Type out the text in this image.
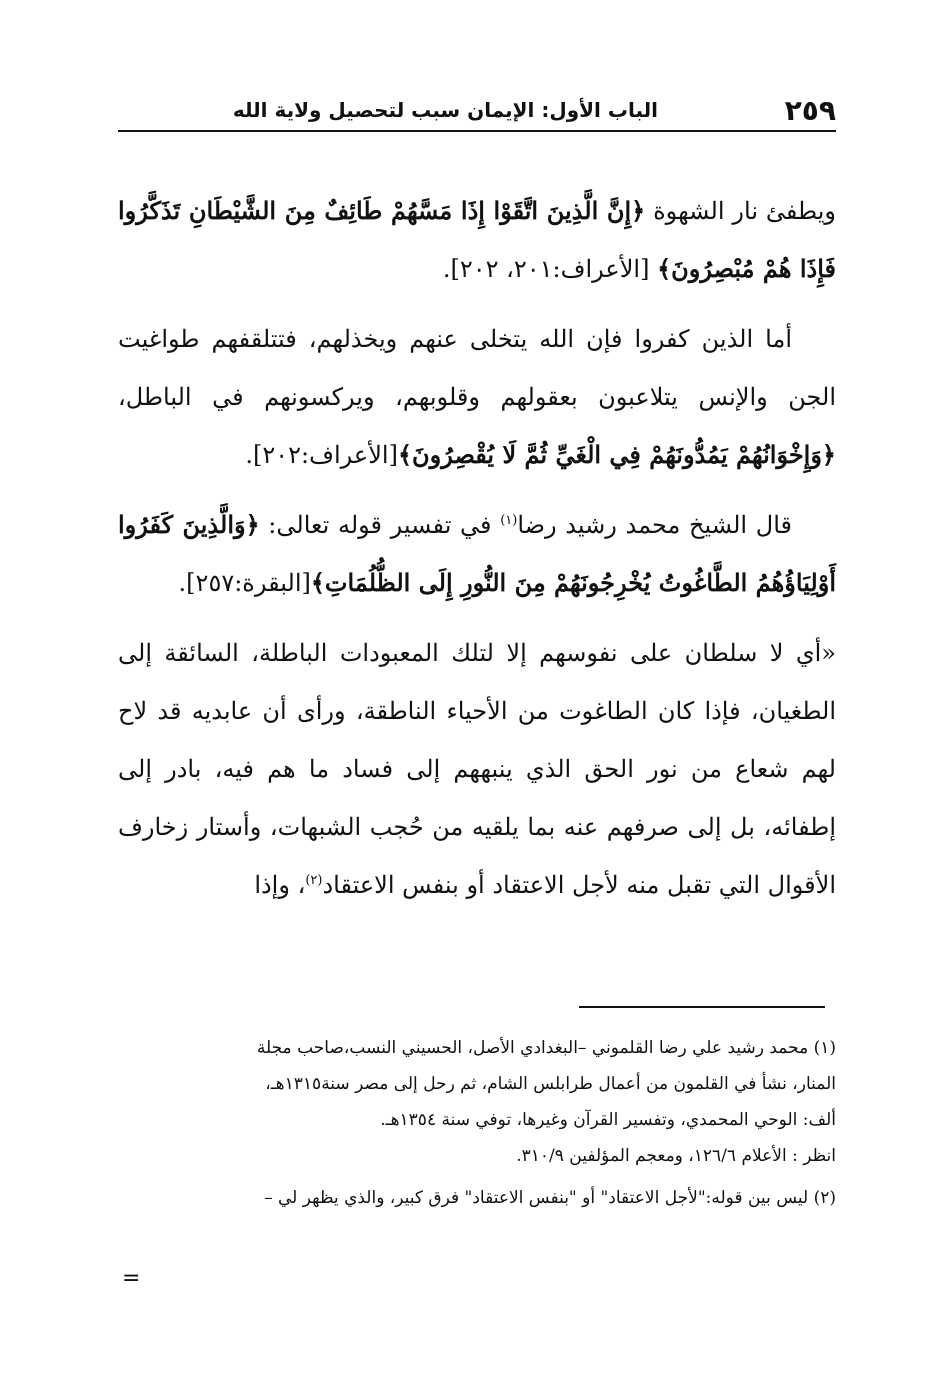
٢٥٩
الباب الأول: الإيمان سبب لتحصيل ولاية الله

ويطفئ نار الشهوة ﴿إِنَّ الَّذِينَ اتَّقَوْا إِذَا مَسَّهُمْ طَائِفٌ مِنَ الشَّيْطَانِ تَذَكَّرُوا فَإِذَا هُمْ مُبْصِرُونَ﴾ [الأعراف:٢٠١، ٢٠٢].

أما الذين كفروا فإن الله يتخلى عنهم ويخذلهم، فتتلقفهم طواغيت الجن والإنس يتلاعبون بعقولهم وقلوبهم، ويركسونهم في الباطل، ﴿وَإِخْوَانُهُمْ يَمُدُّونَهُمْ فِي الْغَيِّ ثُمَّ لَا يُقْصِرُونَ﴾[الأعراف:٢٠٢].

قال الشيخ محمد رشيد رضا$^{(١)}$ في تفسير قوله تعالى: ﴿وَالَّذِينَ كَفَرُوا أَوْلِيَاؤُهُمُ الطَّاغُوتُ يُخْرِجُونَهُمْ مِنَ النُّورِ إِلَى الظُّلُمَاتِ﴾[البقرة:٢٥٧].

«أي لا سلطان على نفوسهم إلا لتلك المعبودات الباطلة، السائقة إلى الطغيان، فإذا كان الطاغوت من الأحياء الناطقة، ورأى أن عابديه قد لاح لهم شعاع من نور الحق الذي ينبههم إلى فساد ما هم فيه، بادر إلى إطفائه، بل إلى صرفهم عنه بما يلقيه من حُجب الشبهات، وأستار زخارف الأقوال التي تقبل منه لأجل الاعتقاد أو بنفس الاعتقاد$^{(٢)}$، وإذا

(١) محمد رشيد علي رضا القلموني –البغدادي الأصل، الحسيني النسب،صاحب مجلة
المنار، نشأ في القلمون من أعمال طرابلس الشام، ثم رحل إلى مصر سنة١٣١٥هـ،
ألف: الوحي المحمدي، وتفسير القرآن وغيرها، توفي سنة ١٣٥٤هـ.
انظر : الأعلام ١٢٦/٦، ومعجم المؤلفين ٣١٠/٩.

(٢) ليس بين قوله:"لأجل الاعتقاد" أو "بنفس الاعتقاد" فرق كبير، والذي يظهر لي –

=
